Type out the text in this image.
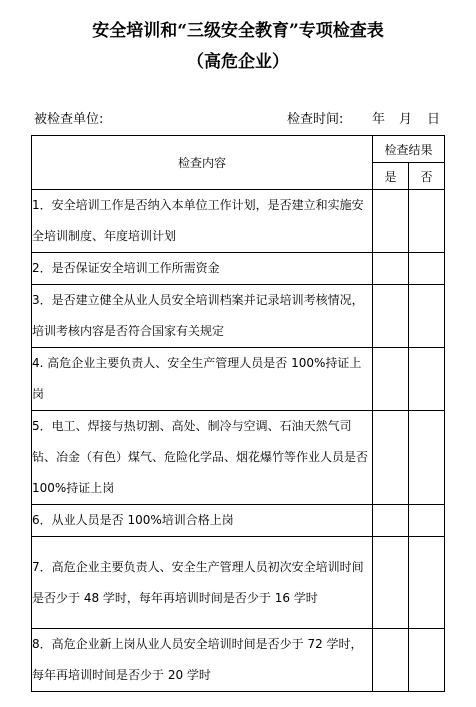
安全培训和“三级安全教育”专项检查表
（高危企业）
被检查单位:	检查时间: 年 月 日
检查内容	检查结果	
	是	否
1．安全培训工作是否纳入本单位工作计划，是否建立和实施安全培训制度、年度培训计划		
2．是否保证安全培训工作所需资金		
3．是否建立健全从业人员安全培训档案并记录培训考核情况，培训考核内容是否符合国家有关规定		
4. 高危企业主要负责人、安全生产管理人员是否 100%持证上岗		
5．电工、焊接与热切割、高处、制冷与空调、石油天然气司钻、冶金（有色）煤气、危险化学品、烟花爆竹等作业人员是否 100%持证上岗		
6．从业人员是否 100%培训合格上岗		
7．高危企业主要负责人、安全生产管理人员初次安全培训时间是否少于 48 学时，每年再培训时间是否少于 16 学时		
8．高危企业新上岗从业人员安全培训时间是否少于 72 学时，每年再培训时间是否少于 20 学时		
